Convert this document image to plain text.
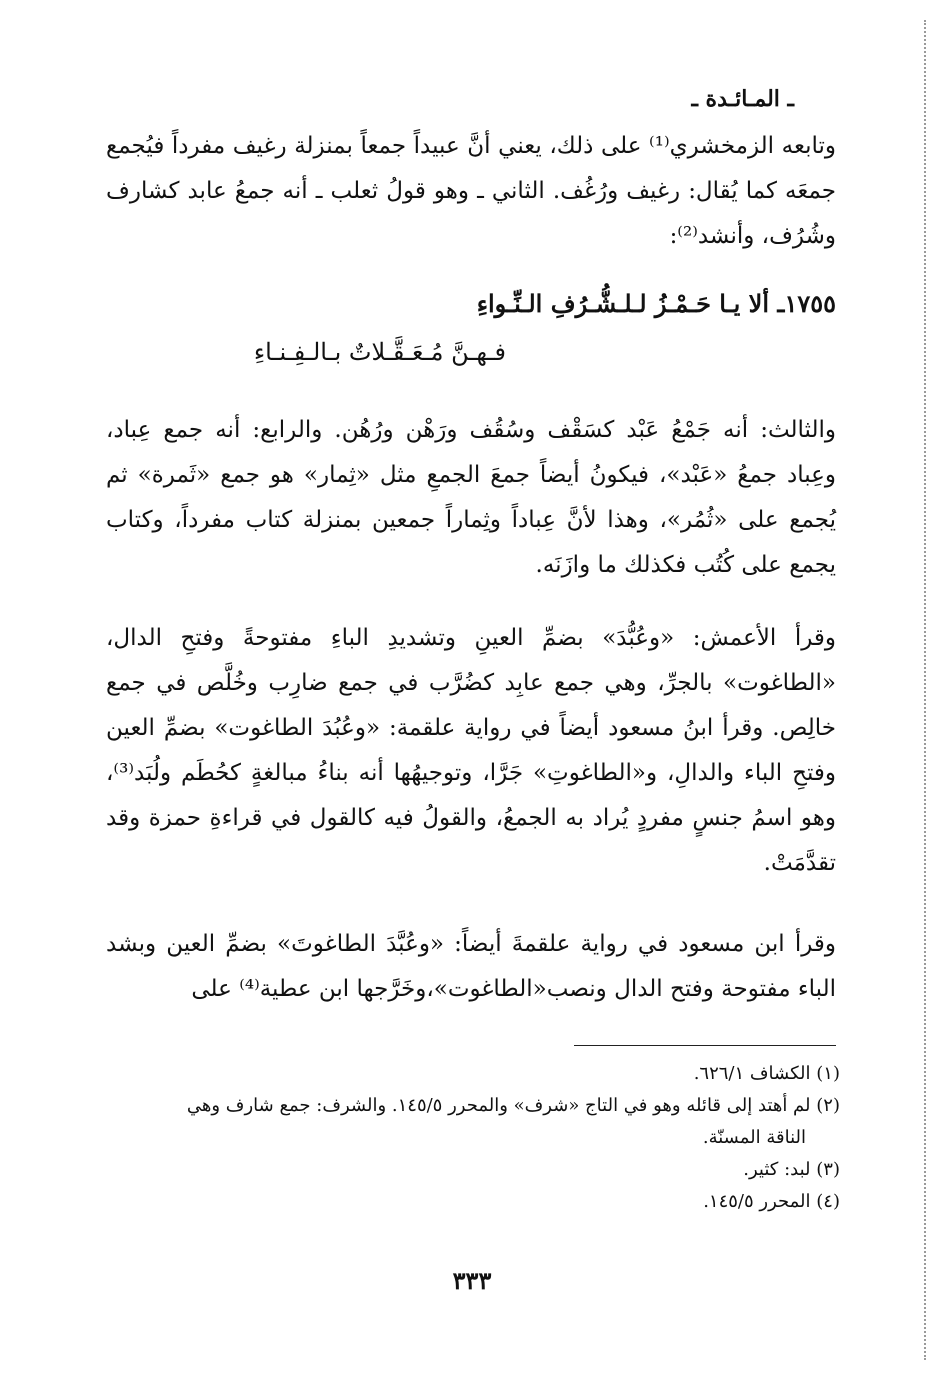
ـ المـائـدة ـ
وتابعه الزمخشري⁽¹⁾ على ذلك، يعني أنَّ عبيداً جمعاً بمنزلة رغيف مفرداً فيُجمع جمعَه كما يُقال: رغيف ورُغُف. الثاني ـ وهو قولُ ثعلب ـ أنه جمعُ عابد كشارف وشُرُف، وأنشد⁽²⁾:
١٧٥٥ـ ألا يـا حَـمْـزُ لـلـشُّـرُفِ الـنِّـواءِ
فـهـنَّ مُـعَـقَّـلاتٌ بـالـفِـنـاءِ
والثالث: أنه جَمْعُ عَبْد كسَقْف وسُقُف ورَهْن ورُهُن. والرابع: أنه جمع عِباد، وعِباد جمعُ «عَبْد»، فيكونُ أيضاً جمعَ الجمعِ مثل «ثِمار» هو جمع «ثَمرة» ثم يُجمع على «ثُمُر»، وهذا لأنَّ عِباداً وثِماراً جمعين بمنزلة كتاب مفرداً، وكتاب يجمع على كُتُب فكذلك ما وازَنَه.
وقرأ الأعمش: «وعُبُّدَ» بضمِّ العينِ وتشديدِ الباءِ مفتوحةً وفتحِ الدال، «الطاغوت» بالجرِّ، وهي جمع عابِد كضُرَّب في جمع ضارِب وخُلَّص في جمع خالِص. وقرأ ابنُ مسعود أيضاً في رواية علقمة: «وعُبُدَ الطاغوت» بضمِّ العين وفتحِ الباء والدالِ، و«الطاغوتِ» جَرَّا، وتوجيهُها أنه بناءُ مبالغةٍ كحُطَم ولُبَد⁽³⁾، وهو اسمُ جنسٍ مفردٍ يُراد به الجمعُ، والقولُ فيه كالقول في قراءةِ حمزة وقد تقدَّمَتْ.
وقرأ ابن مسعود في رواية علقمةَ أيضاً: «وعُبَّدَ الطاغوتَ» بضمِّ العين وبشد الباء مفتوحة وفتح الدال ونصب«الطاغوت»،وخَرَّجها ابن عطية⁽⁴⁾ على
(١) الكشاف ٦٢٦/١.
(٢) لم أهتد إلى قائله وهو في التاج «شرف» والمحرر ١٤٥/٥. والشرف: جمع شارف وهي
الناقة المسنّة.
(٣) لبد: كثير.
(٤) المحرر ١٤٥/٥.
٣٣٣
